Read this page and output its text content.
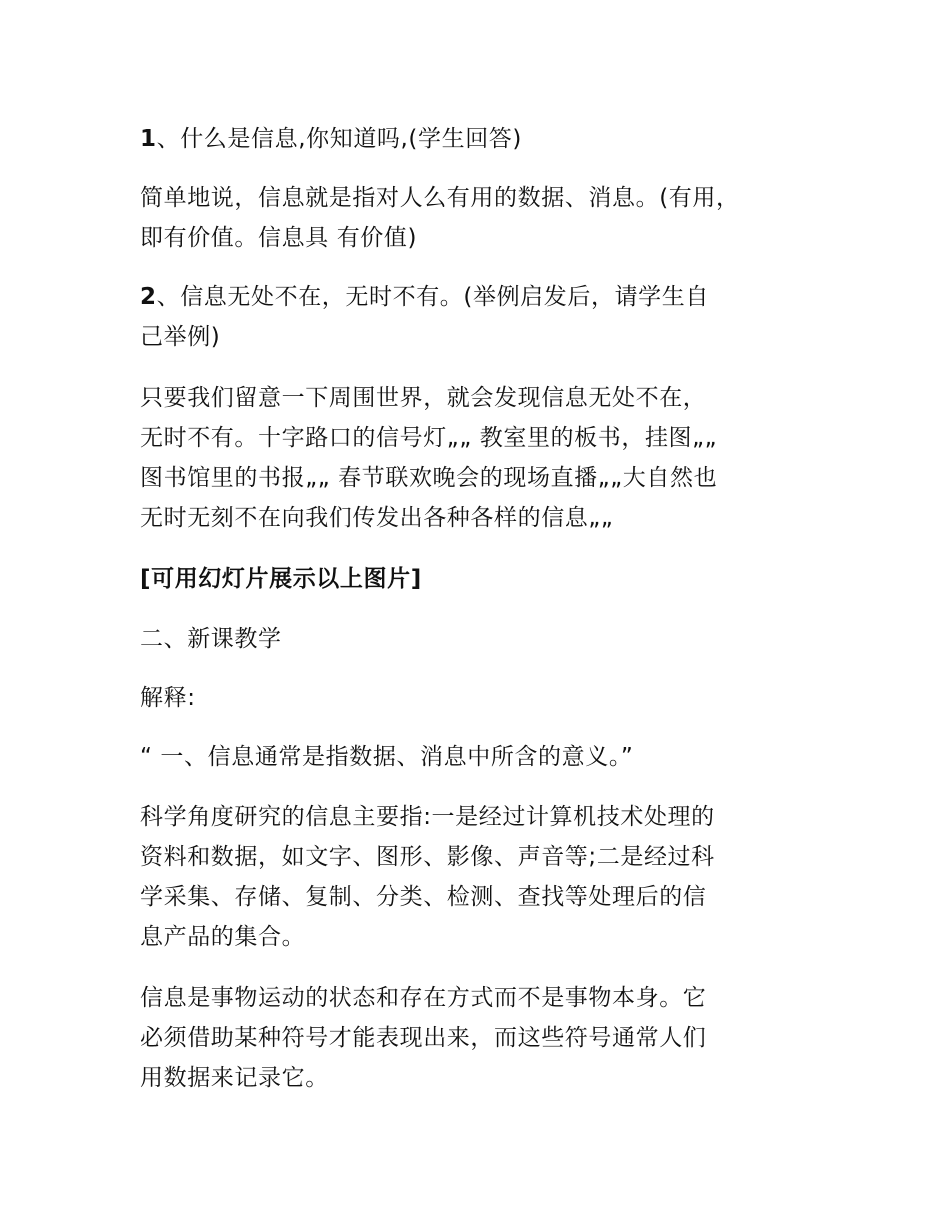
1、什么是信息,你知道吗,(学生回答)

简单地说，信息就是指对人么有用的数据、消息。(有用，
即有价值。信息具 有价值)

2、信息无处不在，无时不有。(举例启发后，请学生自
己举例)

只要我们留意一下周围世界，就会发现信息无处不在，
无时不有。十字路口的信号灯„„ 教室里的板书，挂图„„
图书馆里的书报„„ 春节联欢晚会的现场直播„„大自然也
无时无刻不在向我们传发出各种各样的信息„„

[可用幻灯片展示以上图片]

二、新课教学

解释:

“ 一、信息通常是指数据、消息中所含的意义。”

科学角度研究的信息主要指:一是经过计算机技术处理的
资料和数据，如文字、图形、影像、声音等;二是经过科
学采集、存储、复制、分类、检测、查找等处理后的信
息产品的集合。

信息是事物运动的状态和存在方式而不是事物本身。它
必须借助某种符号才能表现出来，而这些符号通常人们
用数据来记录它。
